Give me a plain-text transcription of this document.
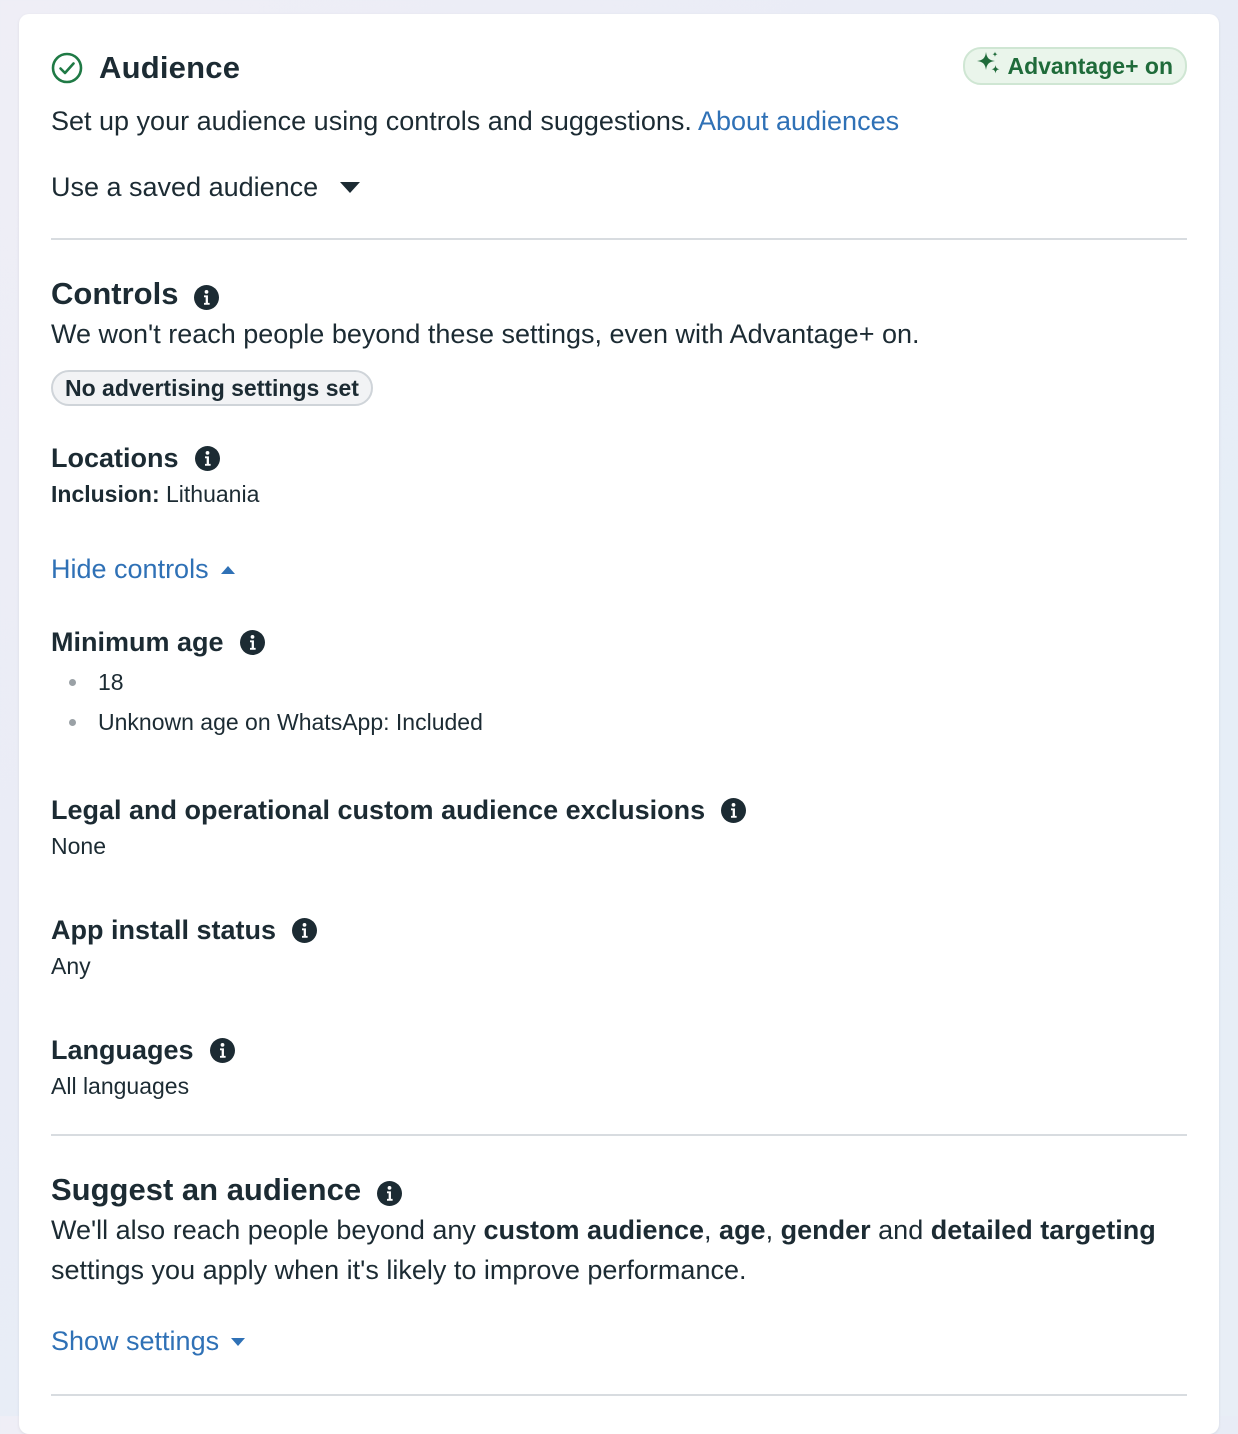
Audience	Advantage+ on
Set up your audience using controls and suggestions. About audiences
Use a saved audience
Controls
We won't reach people beyond these settings, even with Advantage+ on.
No advertising settings set
Locations
Inclusion: Lithuania
Hide controls
Minimum age
18
Unknown age on WhatsApp: Included
Legal and operational custom audience exclusions
None
App install status
Any
Languages
All languages
Suggest an audience
We'll also reach people beyond any custom audience, age, gender and detailed targeting
settings you apply when it's likely to improve performance.
Show settings
